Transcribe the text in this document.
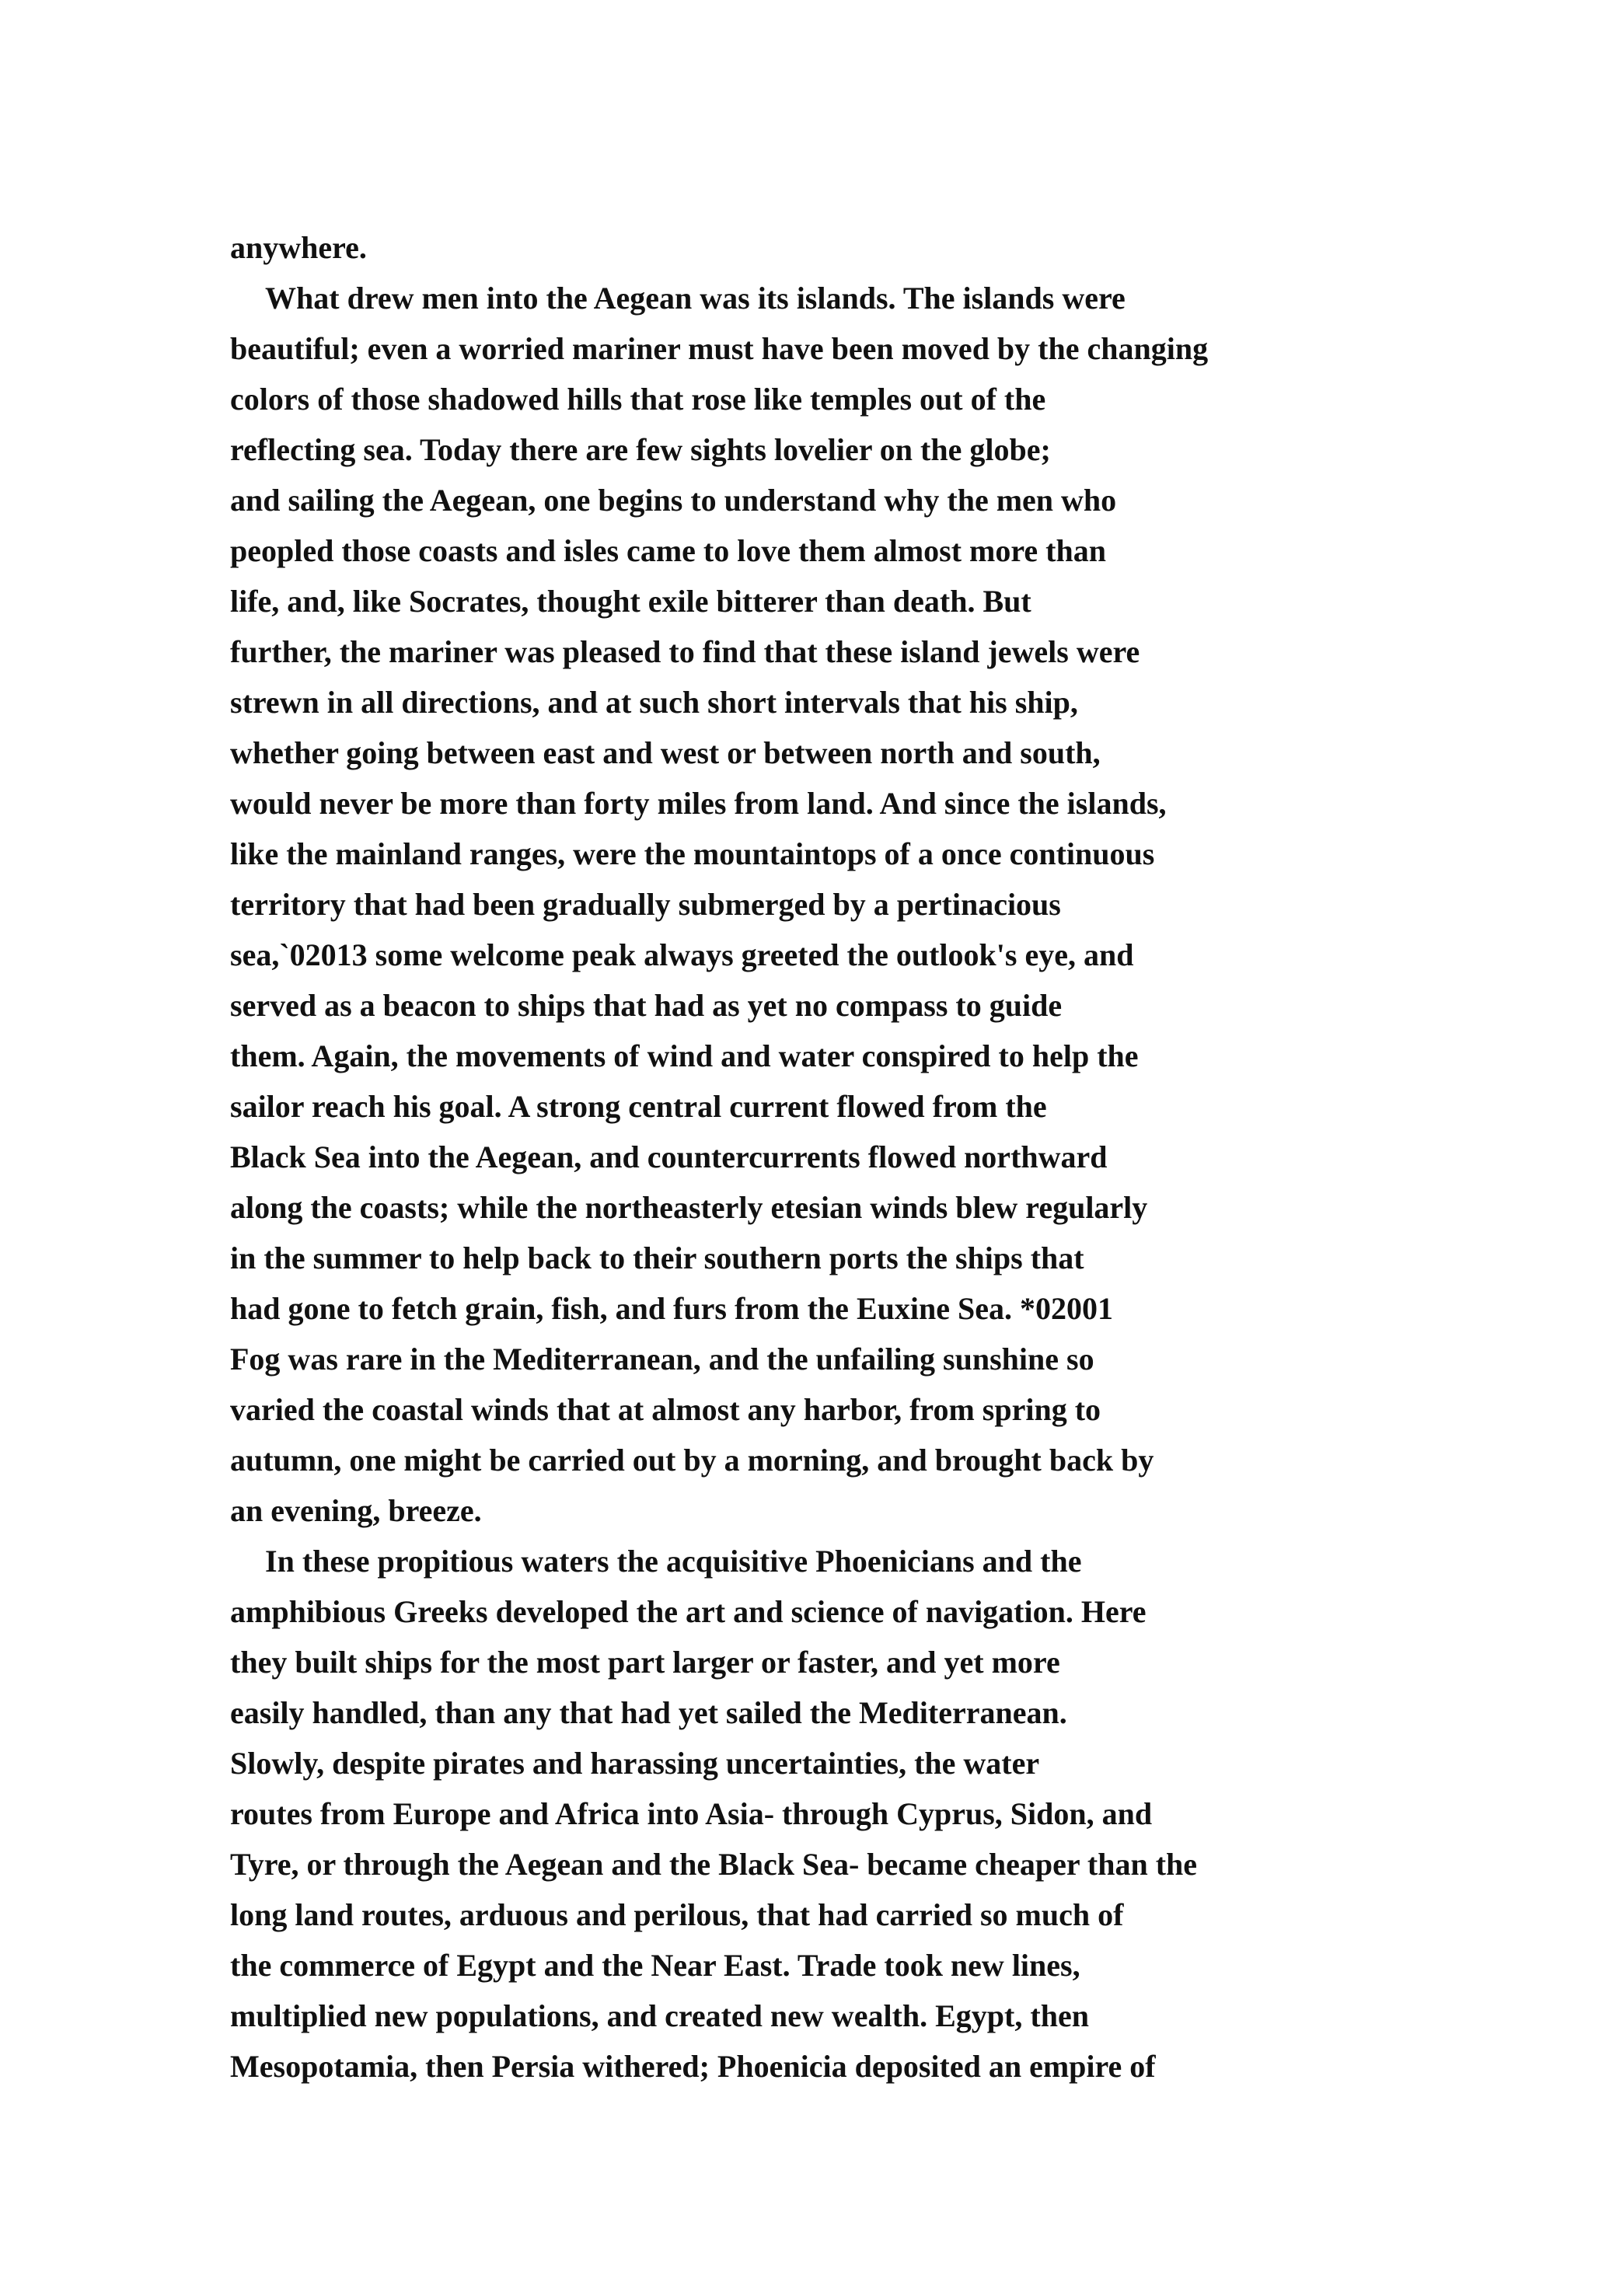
anywhere.
What drew men into the Aegean was its islands. The islands were
beautiful; even a worried mariner must have been moved by the changing
colors of those shadowed hills that rose like temples out of the
reflecting sea. Today there are few sights lovelier on the globe;
and sailing the Aegean, one begins to understand why the men who
peopled those coasts and isles came to love them almost more than
life, and, like Socrates, thought exile bitterer than death. But
further, the mariner was pleased to find that these island jewels were
strewn in all directions, and at such short intervals that his ship,
whether going between east and west or between north and south,
would never be more than forty miles from land. And since the islands,
like the mainland ranges, were the mountaintops of a once continuous
territory that had been gradually submerged by a pertinacious
sea,`02013 some welcome peak always greeted the outlook's eye, and
served as a beacon to ships that had as yet no compass to guide
them. Again, the movements of wind and water conspired to help the
sailor reach his goal. A strong central current flowed from the
Black Sea into the Aegean, and countercurrents flowed northward
along the coasts; while the northeasterly etesian winds blew regularly
in the summer to help back to their southern ports the ships that
had gone to fetch grain, fish, and furs from the Euxine Sea. *02001
Fog was rare in the Mediterranean, and the unfailing sunshine so
varied the coastal winds that at almost any harbor, from spring to
autumn, one might be carried out by a morning, and brought back by
an evening, breeze.
In these propitious waters the acquisitive Phoenicians and the
amphibious Greeks developed the art and science of navigation. Here
they built ships for the most part larger or faster, and yet more
easily handled, than any that had yet sailed the Mediterranean.
Slowly, despite pirates and harassing uncertainties, the water
routes from Europe and Africa into Asia- through Cyprus, Sidon, and
Tyre, or through the Aegean and the Black Sea- became cheaper than the
long land routes, arduous and perilous, that had carried so much of
the commerce of Egypt and the Near East. Trade took new lines,
multiplied new populations, and created new wealth. Egypt, then
Mesopotamia, then Persia withered; Phoenicia deposited an empire of
